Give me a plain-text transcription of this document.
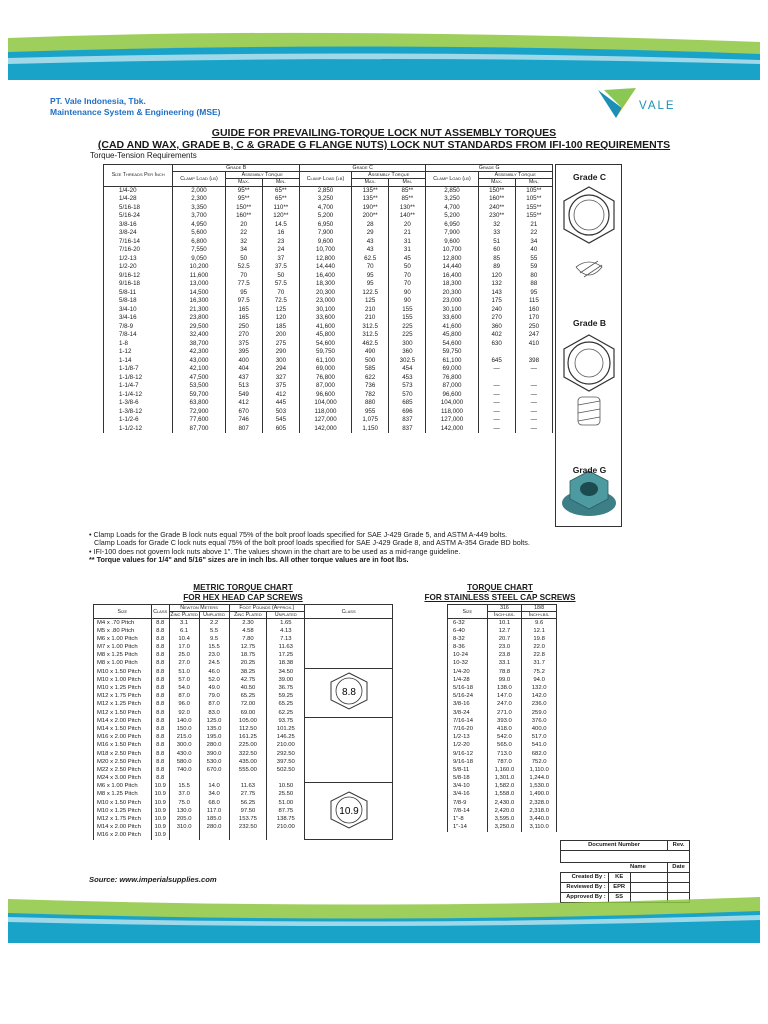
PT. Vale Indonesia, Tbk.
Maintenance System & Engineering (MSE)	VALE
GUIDE FOR PREVAILING-TORQUE LOCK NUT ASSEMBLY TORQUES
(CAD AND WAX, GRADE B, C & GRADE G FLANGE NUTS) LOCK NUT STANDARDS FROM IFI-100 REQUIREMENTS
Torque-Tension Requirements
Size Threads Per Inch	Grade B			Grade C			Grade G		
	Clamp Load (lb)	Assembly Torque		Clamp Load (lb)	Assembly Torque		Clamp Load (lb)	Assembly Torque	
		Max.	Min.		Max.	Min.		Max.	Min.
1/4-20	2,000	95**	65**	2,850	135**	85**	2,850	150**	105**
1/4-28	2,300	95**	65**	3,250	135**	85**	3,250	160**	105**
5/16-18	3,350	150**	110**	4,700	190**	130**	4,700	240**	155**
5/16-24	3,700	160**	120**	5,200	200**	140**	5,200	230**	155**
3/8-16	4,950	20	14.5	6,950	28	20	6,950	32	21
3/8-24	5,600	22	16	7,900	29	21	7,900	33	22
7/16-14	6,800	32	23	9,600	43	31	9,600	51	34
7/16-20	7,550	34	24	10,700	43	31	10,700	60	40
1/2-13	9,050	50	37	12,800	62.5	45	12,800	85	55
1/2-20	10,200	52.5	37.5	14,440	70	50	14,440	89	59
9/16-12	11,600	70	50	16,400	95	70	16,400	120	80
9/16-18	13,000	77.5	57.5	18,300	95	70	18,300	132	88
5/8-11	14,500	95	70	20,300	122.5	90	20,300	143	95
5/8-18	16,300	97.5	72.5	23,000	125	90	23,000	175	115
3/4-10	21,300	165	125	30,100	210	155	30,100	240	160
3/4-16	23,800	165	120	33,600	210	155	33,600	270	170
7/8-9	29,500	250	185	41,600	312.5	225	41,600	360	250
7/8-14	32,400	270	200	45,800	312.5	225	45,800	402	247
1-8	38,700	375	275	54,600	462.5	300	54,600	630	410
1-12	42,300	395	290	59,750	490	360	59,750		
1-14	43,000	400	300	61,100	500	302.5	61,100	645	398
1-1/8-7	42,100	404	294	69,000	585	454	69,000	—	—
1-1/8-12	47,500	437	327	76,800	622	453	76,800		
1-1/4-7	53,500	513	375	87,000	736	573	87,000	—	—
1-1/4-12	59,700	549	412	96,600	782	570	96,600	—	—
1-3/8-6	63,800	412	445	104,000	880	685	104,000	—	—
1-3/8-12	72,900	670	503	118,000	955	696	118,000	—	—
1-1/2-6	77,600	746	545	127,000	1,075	837	127,000	—	—
1-1/2-12	87,700	807	605	142,000	1,150	837	142,000	—	—
Grade C
Grade B
Grade G
• Clamp Loads for the Grade B lock nuts equal 75% of the bolt proof loads specified for SAE J-429 Grade 5, and ASTM A-449 bolts.
Clamp Loads for Grade C lock nuts equal 75% of the bolt proof loads specified for SAE J-429 Grade 8, and ASTM A-354 Grade BD bolts.
• IFI-100 does not govern lock nuts above 1". The values shown in the chart are to be used as a mid-range guideline.
** Torque values for 1/4" and 5/16" sizes are in inch lbs. All other torque values are in foot lbs.
METRIC TORQUE CHART
FOR HEX HEAD CAP SCREWS
Size	Class	Newton Meters		Foot Pounds (Approx.)		Class
		Zinc Plated	Unplated	Zinc Plated	Unplated	
M4 x .70 Pitch	8.8	3.1	2.2	2.30	1.65	
M5 x .80 Pitch	8.8	6.1	5.5	4.58	4.13	
M6 x 1.00 Pitch	8.8	10.4	9.5	7.80	7.13	
M7 x 1.00 Pitch	8.8	17.0	15.5	12.75	11.63	
M8 x 1.25 Pitch	8.8	25.0	23.0	18.75	17.25	
M8 x 1.00 Pitch	8.8	27.0	24.5	20.25	18.38	
M10 x 1.50 Pitch	8.8	51.0	46.0	38.25	34.50	8.8

M10 x 1.00 Pitch	8.8	57.0	52.0	42.75	39.00	
M10 x 1.25 Pitch	8.8	54.0	49.0	40.50	36.75	
M12 x 1.75 Pitch	8.8	87.0	79.0	65.25	59.25	
M12 x 1.25 Pitch	8.8	96.0	87.0	72.00	65.25	
M12 x 1.50 Pitch	8.8	92.0	83.0	69.00	62.25	
M14 x 2.00 Pitch	8.8	140.0	125.0	105.00	93.75	
M14 x 1.50 Pitch	8.8	150.0	135.0	112.50	101.25	
M16 x 2.00 Pitch	8.8	215.0	195.0	161.25	146.25	
M16 x 1.50 Pitch	8.8	300.0	280.0	225.00	210.00	
M18 x 2.50 Pitch	8.8	430.0	390.0	322.50	292.50	
M20 x 2.50 Pitch	8.8	580.0	530.0	435.00	397.50	
M22 x 2.50 Pitch	8.8	740.0	670.0	555.00	502.50	
M24 x 3.00 Pitch	8.8					
M6 x 1.00 Pitch	10.9	15.5	14.0	11.63	10.50	10.9

M8 x 1.25 Pitch	10.9	37.0	34.0	27.75	25.50	
M10 x 1.50 Pitch	10.9	75.0	68.0	56.25	51.00	
M10 x 1.25 Pitch	10.9	130.0	117.0	97.50	87.75	
M12 x 1.75 Pitch	10.9	205.0	185.0	153.75	138.75	
M14 x 2.00 Pitch	10.9	310.0	280.0	232.50	210.00	
M16 x 2.00 Pitch	10.9					
TORQUE CHART
FOR STAINLESS STEEL CAP SCREWS
Size	316	18/8
	Inch-lbs.	Inch-lbs.
6-32	10.1	9.6
6-40	12.7	12.1
8-32	20.7	19.8
8-36	23.0	22.0
10-24	23.8	22.8
10-32	33.1	31.7
1/4-20	78.8	75.2
1/4-28	99.0	94.0
5/16-18	138.0	132.0
5/16-24	147.0	142.0
3/8-16	247.0	236.0
3/8-24	271.0	259.0
7/16-14	393.0	376.0
7/16-20	418.0	400.0
1/2-13	542.0	517.0
1/2-20	565.0	541.0
9/16-12	713.0	682.0
9/16-18	787.0	752.0
5/8-11	1,160.0	1,110.0
5/8-18	1,301.0	1,244.0
3/4-10	1,582.0	1,530.0
3/4-16	1,558.0	1,490.0
7/8-9	2,430.0	2,328.0
7/8-14	2,420.0	2,318.0
1"-8	3,595.0	3,440.0
1"-14	3,250.0	3,110.0
Source: www.imperialsupplies.com
Document Number			Rev.

	Name		Date
Created By :	KE		
Reviewed By :	EPR		
Approved By :	SS		
